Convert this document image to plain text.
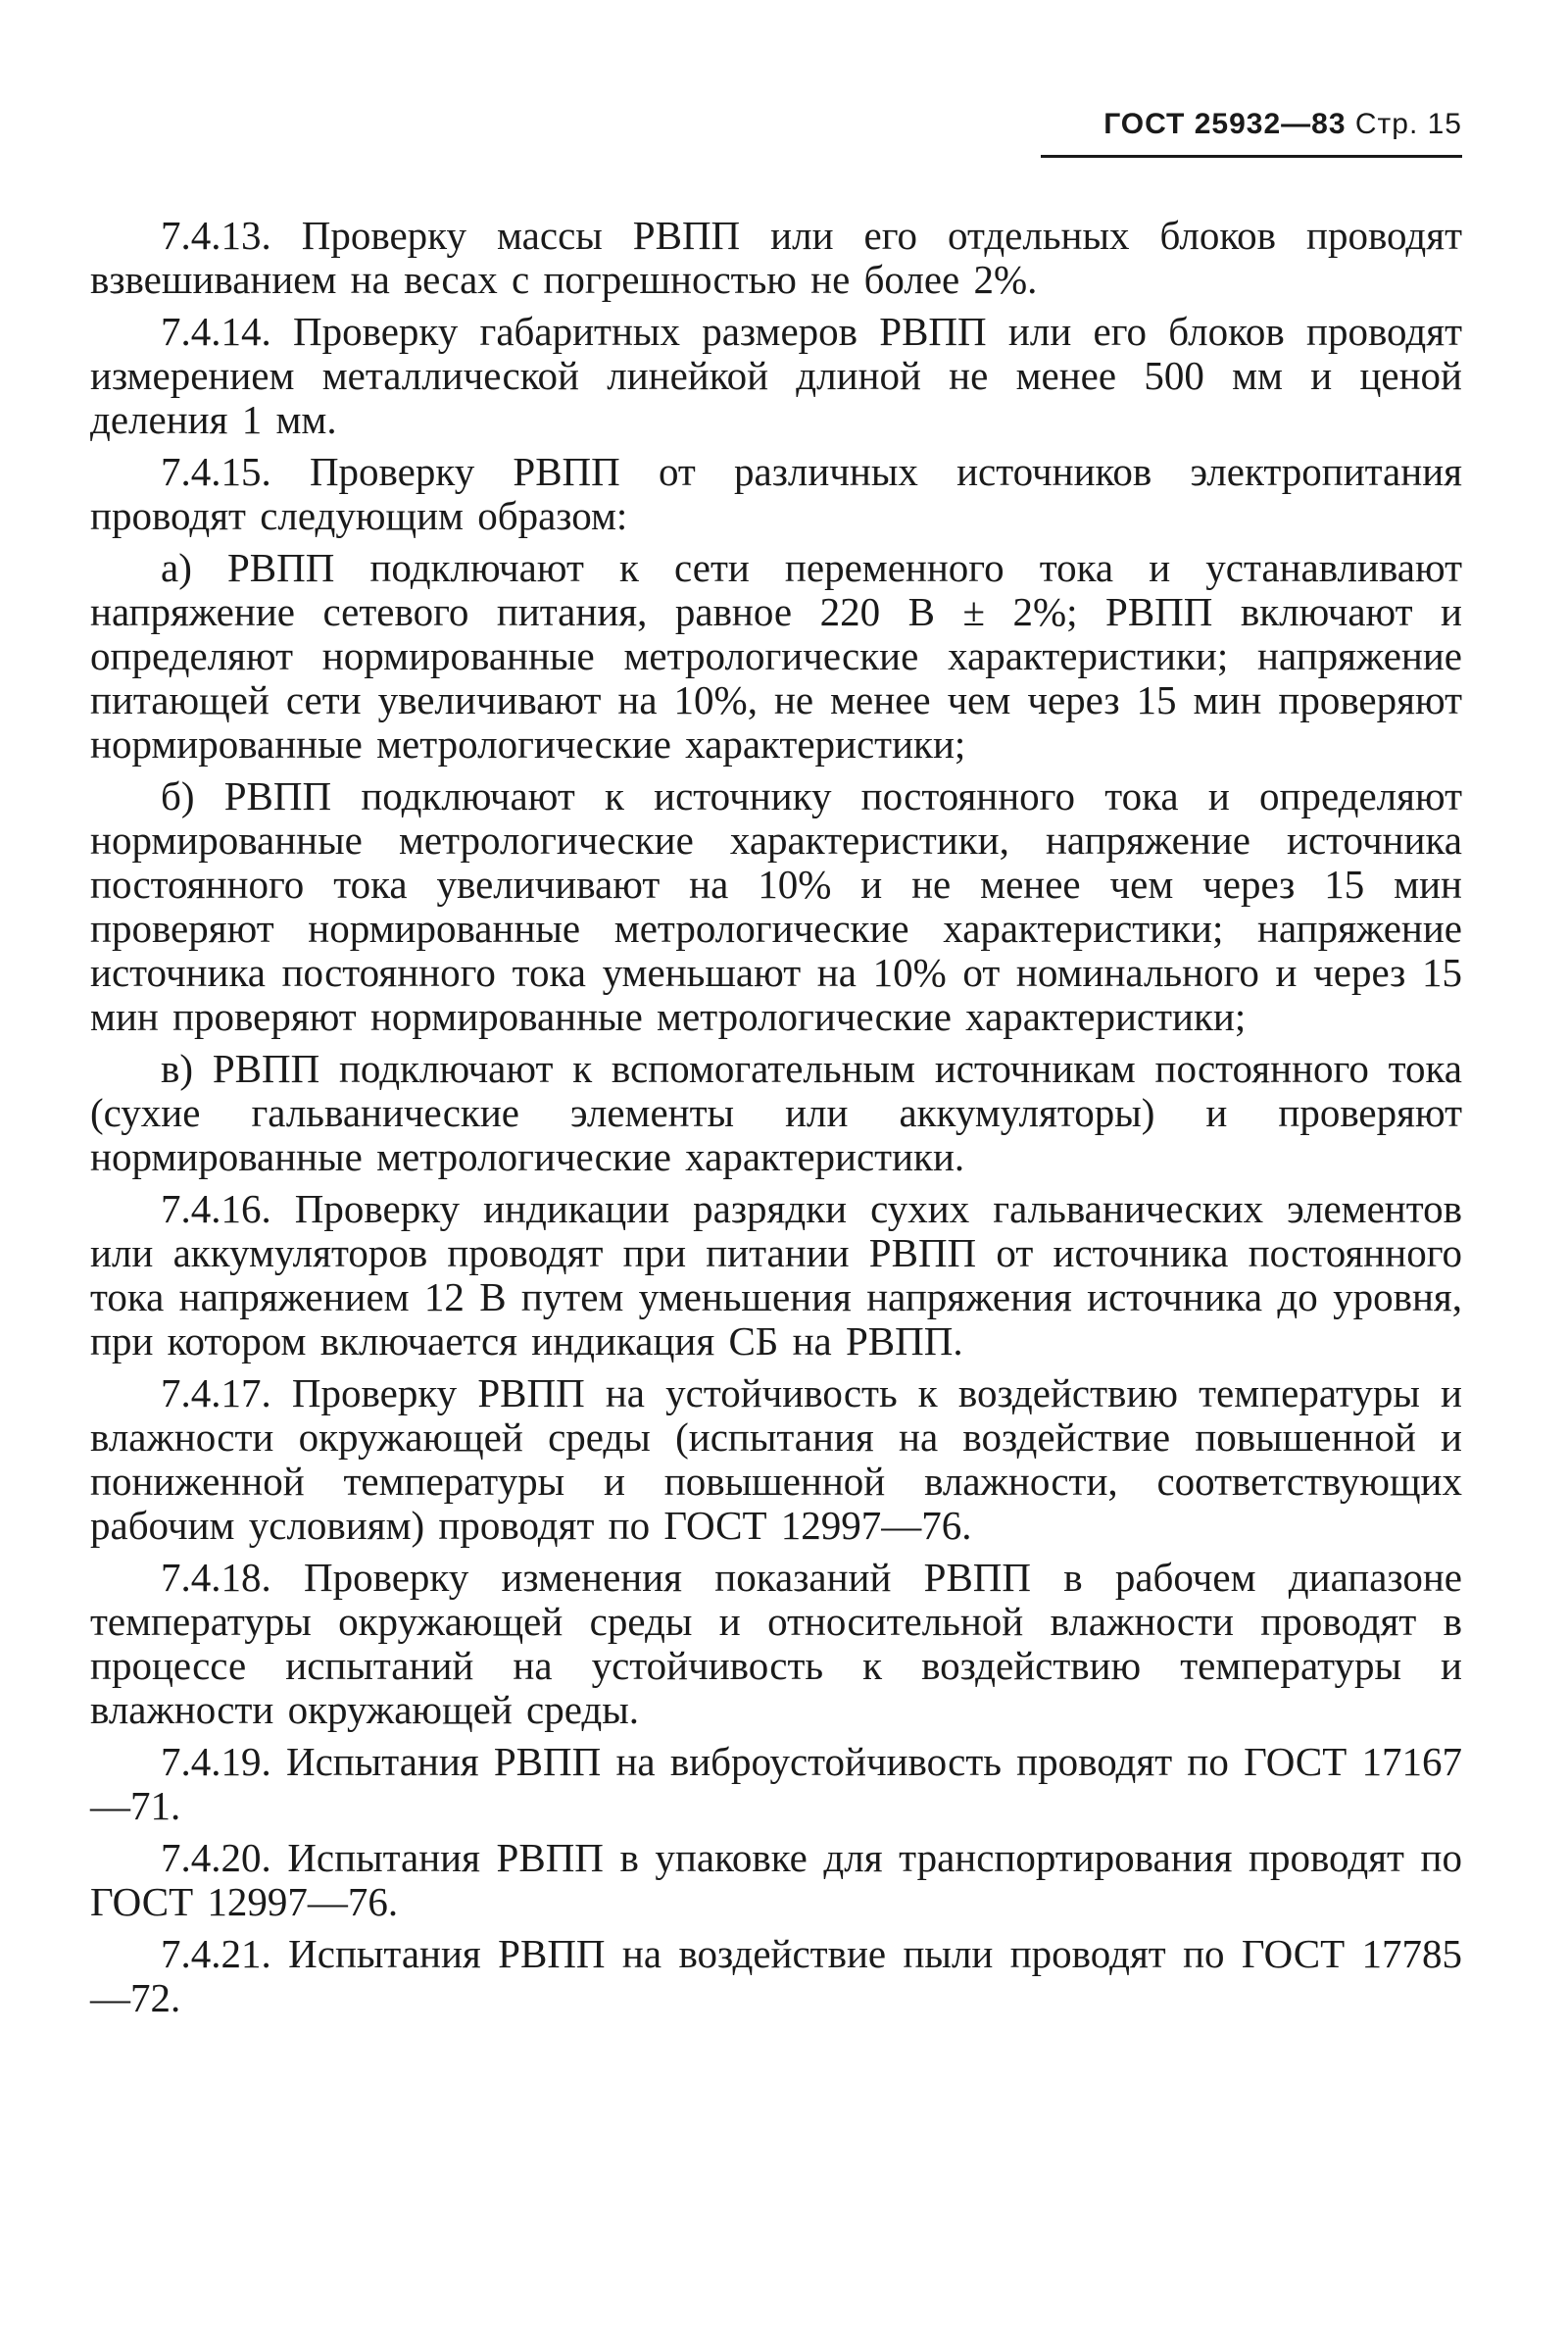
ГОСТ 25932—83 Стр. 15

7.4.13. Проверку массы РВПП или его отдельных блоков проводят взвешиванием на весах с погрешностью не более 2%.

7.4.14. Проверку габаритных размеров РВПП или его блоков проводят измерением металлической линейкой длиной не менее 500 мм и ценой деления 1 мм.

7.4.15. Проверку РВПП от различных источников электропитания проводят следующим образом:

а) РВПП подключают к сети переменного тока и устанавливают напряжение сетевого питания, равное 220 В ± 2%; РВПП включают и определяют нормированные метрологические характеристики; напряжение питающей сети увеличивают на 10%, не менее чем через 15 мин проверяют нормированные метрологические характеристики;

б) РВПП подключают к источнику постоянного тока и определяют нормированные метрологические характеристики, напряжение источника постоянного тока увеличивают на 10% и не менее чем через 15 мин проверяют нормированные метрологические характеристики; напряжение источника постоянного тока уменьшают на 10% от номинального и через 15 мин проверяют нормированные метрологические характеристики;

в) РВПП подключают к вспомогательным источникам постоянного тока (сухие гальванические элементы или аккумуляторы) и проверяют нормированные метрологические характеристики.

7.4.16. Проверку индикации разрядки сухих гальванических элементов или аккумуляторов проводят при питании РВПП от источника постоянного тока напряжением 12 В путем уменьшения напряжения источника до уровня, при котором включается индикация СБ на РВПП.

7.4.17. Проверку РВПП на устойчивость к воздействию температуры и влажности окружающей среды (испытания на воздействие повышенной и пониженной температуры и повышенной влажности, соответствующих рабочим условиям) проводят по ГОСТ 12997—76.

7.4.18. Проверку изменения показаний РВПП в рабочем диапазоне температуры окружающей среды и относительной влажности проводят в процессе испытаний на устойчивость к воздействию температуры и влажности окружающей среды.

7.4.19. Испытания РВПП на виброустойчивость проводят по ГОСТ 17167—71.

7.4.20. Испытания РВПП в упаковке для транспортирования проводят по ГОСТ 12997—76.

7.4.21. Испытания РВПП на воздействие пыли проводят по ГОСТ 17785—72.
